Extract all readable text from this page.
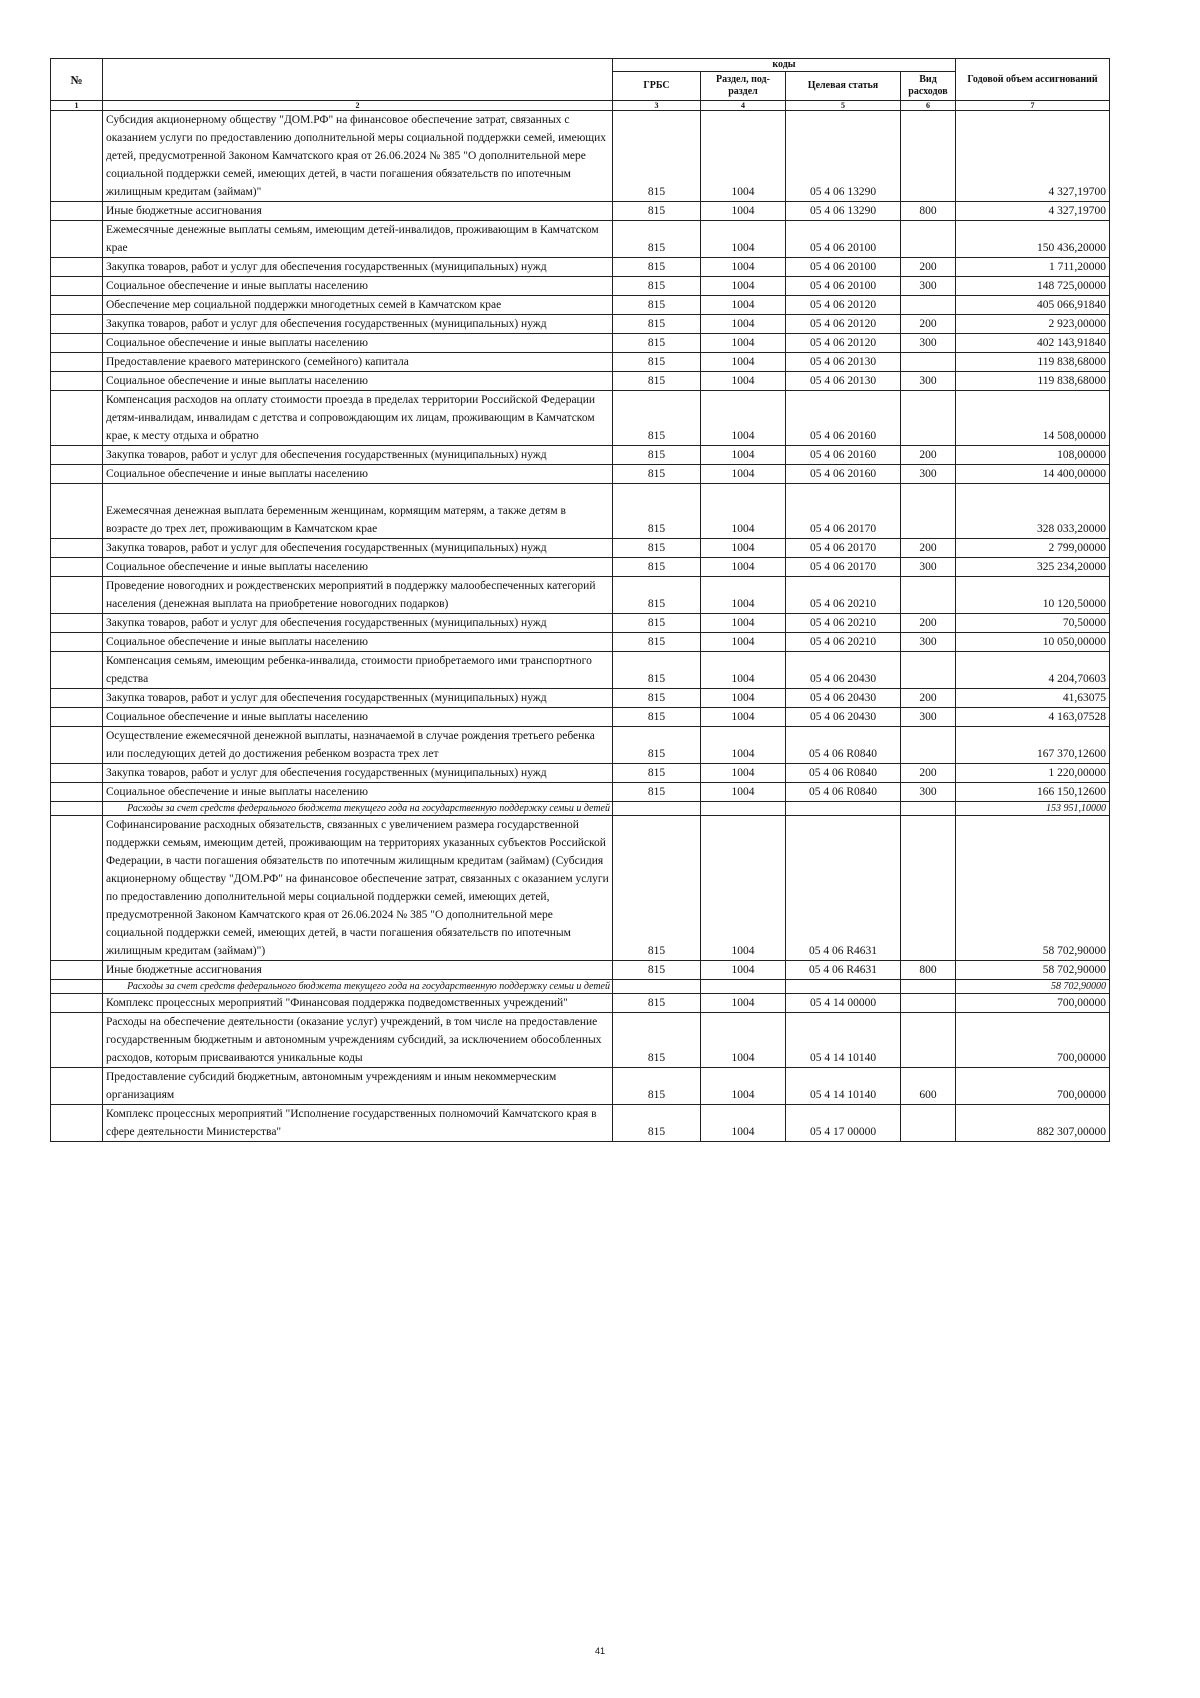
№		коды				Годовой объем ассигнований
		ГРБС	Раздел, под-раздел	Целевая статья	Вид расходов	
1	2	3	4	5	6	7
	Субсидия акционерному обществу "ДОМ.РФ" на финансовое обеспечение затрат, связанных с оказанием услуги по предоставлению дополнительной меры социальной поддержки семей, имеющих детей, предусмотренной Законом Камчатского края от 26.06.2024 № 385 "О дополнительной мере социальной поддержки семей, имеющих детей, в части погашения обязательств по ипотечным жилищным кредитам (займам)"	815	1004	05 4 06 13290		4 327,19700
	Иные бюджетные ассигнования	815	1004	05 4 06 13290	800	4 327,19700
	Ежемесячные денежные выплаты семьям, имеющим детей-инвалидов, проживающим в Камчатском крае	815	1004	05 4 06 20100		150 436,20000
	Закупка товаров, работ и услуг для обеспечения государственных (муниципальных) нужд	815	1004	05 4 06 20100	200	1 711,20000
	Социальное обеспечение и иные выплаты населению	815	1004	05 4 06 20100	300	148 725,00000
	Обеспечение мер социальной поддержки многодетных семей в Камчатском крае	815	1004	05 4 06 20120		405 066,91840
	Закупка товаров, работ и услуг для обеспечения государственных (муниципальных) нужд	815	1004	05 4 06 20120	200	2 923,00000
	Социальное обеспечение и иные выплаты населению	815	1004	05 4 06 20120	300	402 143,91840
	Предоставление краевого материнского (семейного) капитала	815	1004	05 4 06 20130		119 838,68000
	Социальное обеспечение и иные выплаты населению	815	1004	05 4 06 20130	300	119 838,68000
	Компенсация расходов на оплату стоимости проезда в пределах территории Российской Федерации детям-инвалидам, инвалидам с детства и сопровождающим их лицам, проживающим в Камчатском крае, к месту отдыха и обратно	815	1004	05 4 06 20160		14 508,00000
	Закупка товаров, работ и услуг для обеспечения государственных (муниципальных) нужд	815	1004	05 4 06 20160	200	108,00000
	Социальное обеспечение и иные выплаты населению	815	1004	05 4 06 20160	300	14 400,00000
	Ежемесячная денежная выплата беременным женщинам, кормящим матерям, а также детям в возрасте до трех лет, проживающим в Камчатском крае	815	1004	05 4 06 20170		328 033,20000
	Закупка товаров, работ и услуг для обеспечения государственных (муниципальных) нужд	815	1004	05 4 06 20170	200	2 799,00000
	Социальное обеспечение и иные выплаты населению	815	1004	05 4 06 20170	300	325 234,20000
	Проведение новогодних и рождественских мероприятий в поддержку малообеспеченных категорий населения (денежная выплата на приобретение новогодних подарков)	815	1004	05 4 06 20210		10 120,50000
	Закупка товаров, работ и услуг для обеспечения государственных (муниципальных) нужд	815	1004	05 4 06 20210	200	70,50000
	Социальное обеспечение и иные выплаты населению	815	1004	05 4 06 20210	300	10 050,00000
	Компенсация семьям, имеющим ребенка-инвалида, стоимости приобретаемого ими транспортного средства	815	1004	05 4 06 20430		4 204,70603
	Закупка товаров, работ и услуг для обеспечения государственных (муниципальных) нужд	815	1004	05 4 06 20430	200	41,63075
	Социальное обеспечение и иные выплаты населению	815	1004	05 4 06 20430	300	4 163,07528
	Осуществление ежемесячной денежной выплаты, назначаемой в случае рождения третьего ребенка или последующих детей до достижения ребенком возраста трех лет	815	1004	05 4 06 R0840		167 370,12600
	Закупка товаров, работ и услуг для обеспечения государственных (муниципальных) нужд	815	1004	05 4 06 R0840	200	1 220,00000
	Социальное обеспечение и иные выплаты населению	815	1004	05 4 06 R0840	300	166 150,12600
	Расходы за счет средств федерального бюджета текущего года на государственную поддержку семьи и детей					153 951,10000
	Софинансирование расходных обязательств, связанных с увеличением размера государственной поддержки семьям, имеющим детей, проживающим на территориях указанных субъектов Российской Федерации, в части погашения обязательств по ипотечным жилищным кредитам (займам) (Субсидия акционерному обществу "ДОМ.РФ" на финансовое обеспечение затрат, связанных с оказанием услуги по предоставлению дополнительной меры социальной поддержки семей, имеющих детей, предусмотренной Законом Камчатского края от 26.06.2024 № 385 "О дополнительной мере социальной поддержки семей, имеющих детей, в части погашения обязательств по ипотечным жилищным кредитам (займам)")	815	1004	05 4 06 R4631		58 702,90000
	Иные бюджетные ассигнования	815	1004	05 4 06 R4631	800	58 702,90000
	Расходы за счет средств федерального бюджета текущего года на государственную поддержку семьи и детей					58 702,90000
	Комплекс процессных мероприятий "Финансовая поддержка подведомственных учреждений"	815	1004	05 4 14 00000		700,00000
	Расходы на обеспечение деятельности (оказание услуг) учреждений, в том числе на предоставление государственным бюджетным и автономным учреждениям субсидий, за исключением обособленных расходов, которым присваиваются уникальные коды	815	1004	05 4 14 10140		700,00000
	Предоставление субсидий бюджетным, автономным учреждениям и иным некоммерческим организациям	815	1004	05 4 14 10140	600	700,00000
	Комплекс процессных мероприятий "Исполнение государственных полномочий Камчатского края в сфере деятельности Министерства"	815	1004	05 4 17 00000		882 307,00000
41
